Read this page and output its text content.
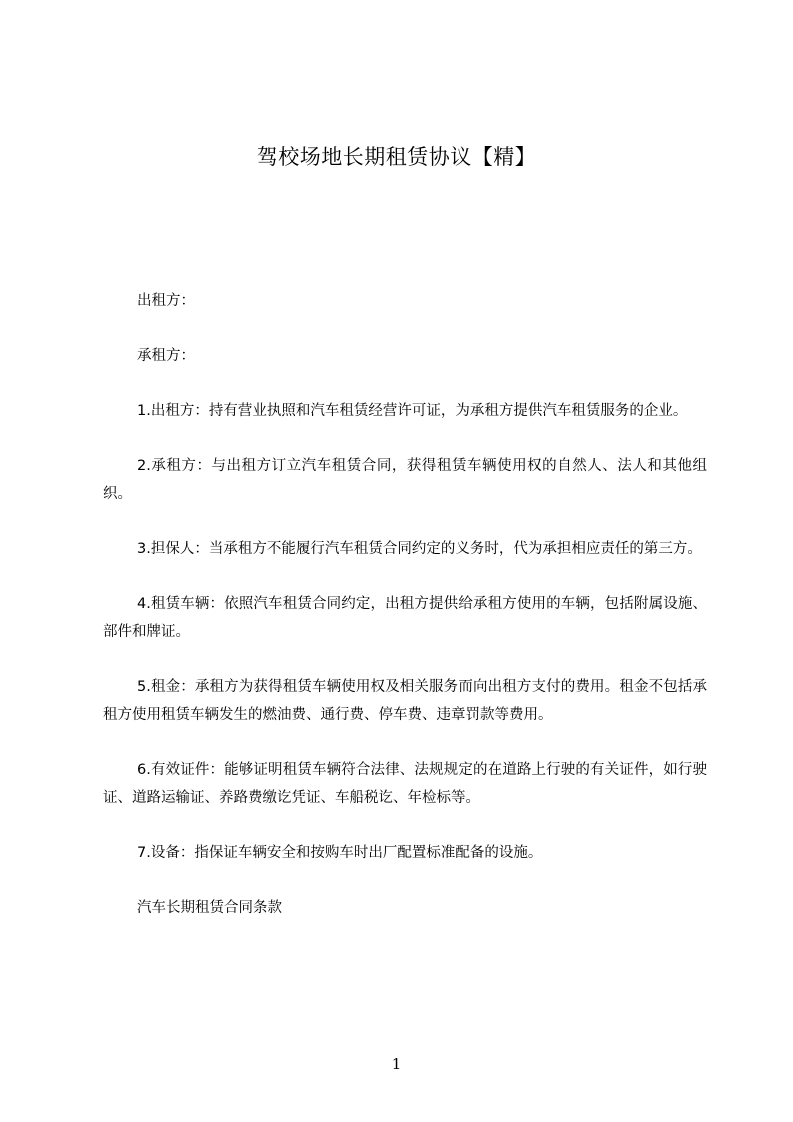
驾校场地长期租赁协议【精】

出租方：

承租方：

1.出租方：持有营业执照和汽车租赁经营许可证，为承租方提供汽车租赁服务的企业。

2.承租方：与出租方订立汽车租赁合同，获得租赁车辆使用权的自然人、法人和其他组织。

3.担保人：当承租方不能履行汽车租赁合同约定的义务时，代为承担相应责任的第三方。

4.租赁车辆：依照汽车租赁合同约定，出租方提供给承租方使用的车辆，包括附属设施、部件和牌证。

5.租金：承租方为获得租赁车辆使用权及相关服务而向出租方支付的费用。租金不包括承租方使用租赁车辆发生的燃油费、通行费、停车费、违章罚款等费用。

6.有效证件：能够证明租赁车辆符合法律、法规规定的在道路上行驶的有关证件，如行驶证、道路运输证、养路费缴讫凭证、车船税讫、年检标等。

7.设备：指保证车辆安全和按购车时出厂配置标准配备的设施。

汽车长期租赁合同条款

1
